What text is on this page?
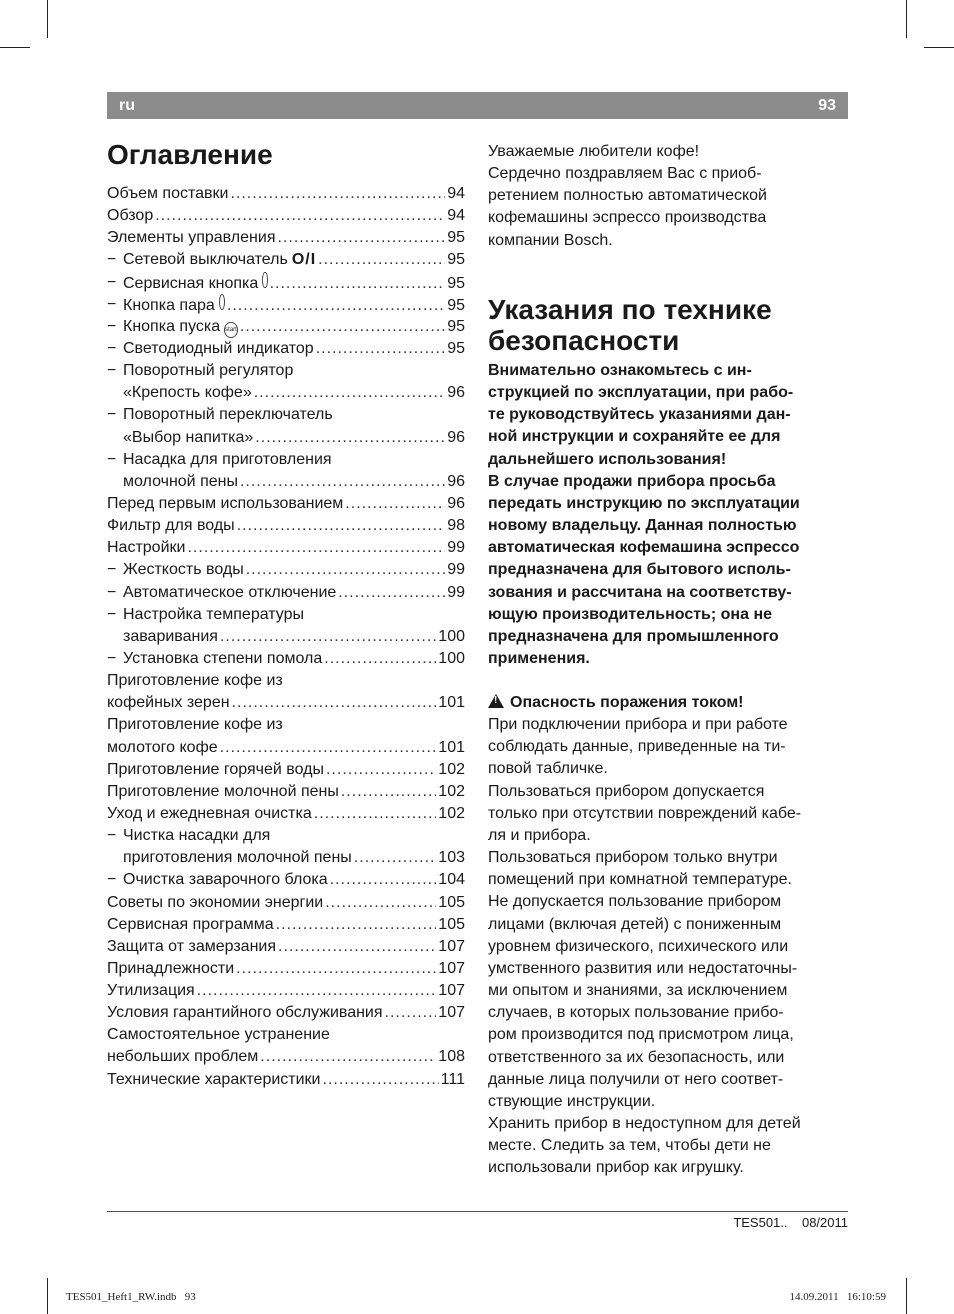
ru	93
Оглавление
Объем поставки .....	94
Обзор .....	94
Элементы управления .....	95
− Сетевой выключатель O/I .....	95
− Сервисная кнопка .....	95
− Кнопка пара .....	95
− Кнопка пуска start .....	95
− Светодиодный индикатор .....	95
− Поворотный регулятор
«Крепость кофе» .....	96
− Поворотный переключатель
«Выбор напитка» .....	96
− Насадка для приготовления
молочной пены .....	96
Перед первым использованием .....	96
Фильтр для воды .....	98
Настройки .....	99
− Жесткость воды .....	99
− Автоматическое отключение .....	99
− Настройка температуры
заваривания .....	100
− Установка степени помола .....	100
Приготовление кофе из
кофейных зерен .....	101
Приготовление кофе из
молотого кофе .....	101
Приготовление горячей воды .....	102
Приготовление молочной пены .....	102
Уход и ежедневная очистка .....	102
− Чистка насадки для
приготовления молочной пены .....	103
− Очистка заварочного блока .....	104
Советы по экономии энергии .....	105
Сервисная программа .....	105
Защита от замерзания .....	107
Принадлежности .....	107
Утилизация .....	107
Условия гарантийного обслуживания .....	107
Самостоятельное устранение
небольших проблем .....	108
Технические характеристики .....	111

Уважаемые любители кофе!
Сердечно поздравляем Вас с приоб-
ретением полностью автоматической
кофемашины эспрессо производства
компании Bosch.

Указания по технике
безопасности

Внимательно ознакомьтесь с ин-
струкцией по эксплуатации, при рабо-
те руководствуйтесь указаниями дан-
ной инструкции и сохраняйте ее для
дальнейшего использования!
В случае продажи прибора просьба
передать инструкцию по эксплуатации
новому владельцу. Данная полностью
автоматическая кофемашина эспрессо
предназначена для бытового исполь-
зования и рассчитана на соответству-
ющую производительность; она не
предназначена для промышленного
применения.

!Опасность поражения током!

При подключении прибора и при работе
соблюдать данные, приведенные на ти-
повой табличке.
Пользоваться прибором допускается
только при отсутствии повреждений кабе-
ля и прибора.
Пользоваться прибором только внутри
помещений при комнатной температуре.
Не допускается пользование прибором
лицами (включая детей) с пониженным
уровнем физического, психического или
умственного развития или недостаточны-
ми опытом и знаниями, за исключением
случаев, в которых пользование прибо-
ром производится под присмотром лица,
ответственного за их безопасность, или
данные лица получили от него соответ-
ствующие инструкции.
Хранить прибор в недоступном для детей
месте. Следить за тем, чтобы дети не
использовали прибор как игрушку.

TES501.. 08/2011
TES501_Heft1_RW.indb 93	14.09.2011 16:10:59
